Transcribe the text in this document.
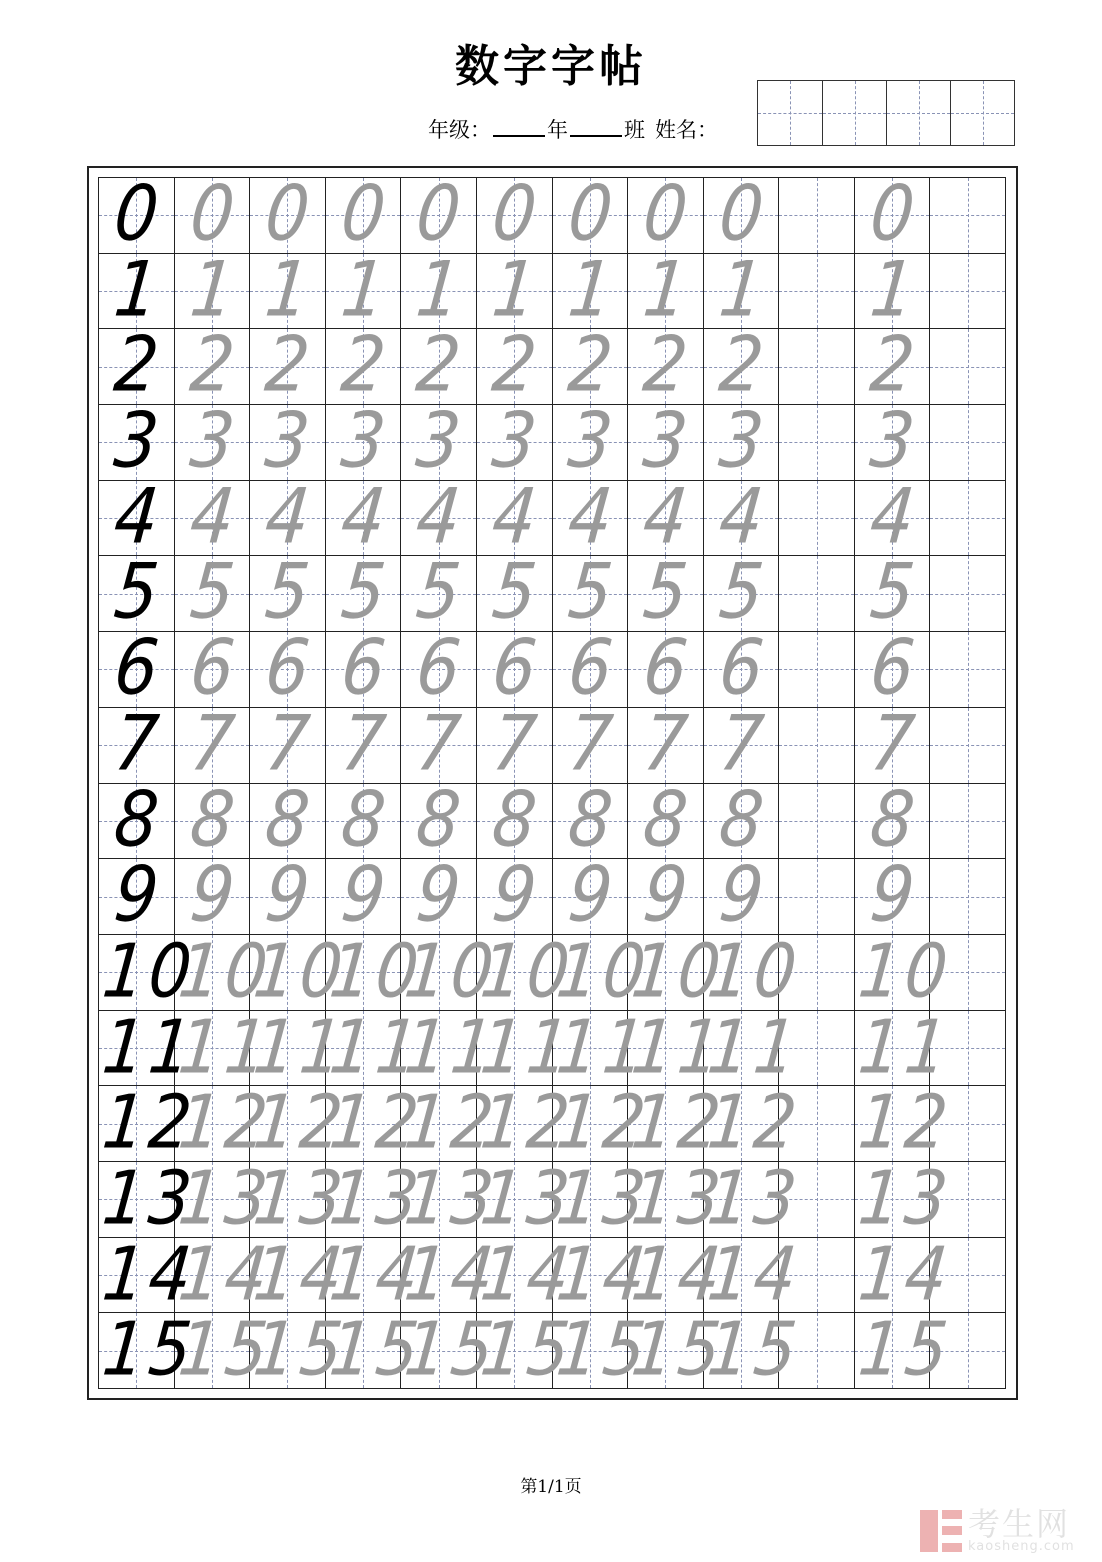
数字字帖
年级：	年	班 姓名：
0 0 0 0 0 0 0 0 0 0
1 1 1 1 1 1 1 1 1 1
2 2 2 2 2 2 2 2 2 2
3 3 3 3 3 3 3 3 3 3
4 4 4 4 4 4 4 4 4 4
5 5 5 5 5 5 5 5 5 5
6 6 6 6 6 6 6 6 6 6
7 7 7 7 7 7 7 7 7 7
8 8 8 8 8 8 8 8 8 8
9 9 9 9 9 9 9 9 9 9
10
10
10
10
10
10
10
10
10 10
11
11
11
11
11
11
11
11
11 11
12
12
12
12
12
12
12
12
12 12
13
13
13
13
13
13
13
13
13 13
14
14
14
14
14
14
14
14
14 14
15
15
15
15
15
15
15
15
15 15
第1/1页
考生网
kaosheng.com
